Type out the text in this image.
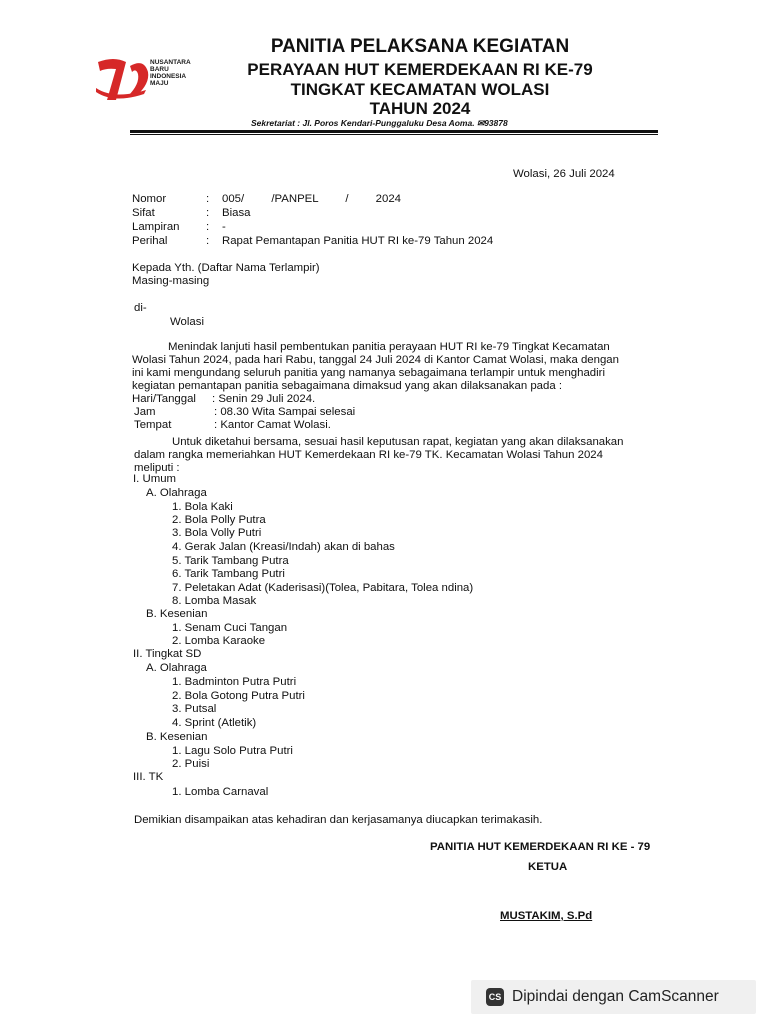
NUSANTARA
BARU
INDONESIA
MAJU
PANITIA PELAKSANA KEGIATAN
PERAYAAN HUT KEMERDEKAAN RI KE-79
TINGKAT KECAMATAN WOLASI
TAHUN 2024
Sekretariat : Jl. Poros Kendari-Punggaluku Desa Aoma. ✉93878
Wolasi, 26 Juli 2024
Nomor	: 005/ /PANPEL / 2024
Sifat	: Biasa
Lampiran : -
Perihal	: Rapat Pemantapan Panitia HUT RI ke-79 Tahun 2024
Kepada Yth. (Daftar Nama Terlampir)
Masing-masing
di-
Wolasi
Menindak lanjuti hasil pembentukan panitia perayaan HUT RI ke-79 Tingkat Kecamatan
Wolasi Tahun 2024, pada hari Rabu, tanggal 24 Juli 2024 di Kantor Camat Wolasi, maka dengan
ini kami mengundang seluruh panitia yang namanya sebagaimana terlampir untuk menghadiri
kegiatan pemantapan panitia sebagaimana dimaksud yang akan dilaksanakan pada :
Hari/Tanggal : Senin 29 Juli 2024.
Jam	: 08.30 Wita Sampai selesai
Tempat	: Kantor Camat Wolasi.
Untuk diketahui bersama, sesuai hasil keputusan rapat, kegiatan yang akan dilaksanakan
dalam rangka memeriahkan HUT Kemerdekaan RI ke-79 TK. Kecamatan Wolasi Tahun 2024
meliputi :
I. Umum
A. Olahraga
1. Bola Kaki
2. Bola Polly Putra
3. Bola Volly Putri
4. Gerak Jalan (Kreasi/Indah) akan di bahas
5. Tarik Tambang Putra
6. Tarik Tambang Putri
7. Peletakan Adat (Kaderisasi)(Tolea, Pabitara, Tolea ndina)
8. Lomba Masak
B. Kesenian
1. Senam Cuci Tangan
2. Lomba Karaoke
II. Tingkat SD
A. Olahraga
1. Badminton Putra Putri
2. Bola Gotong Putra Putri
3. Putsal
4. Sprint (Atletik)
B. Kesenian
1. Lagu Solo Putra Putri
2. Puisi
III. TK
1. Lomba Carnaval
Demikian disampaikan atas kehadiran dan kerjasamanya diucapkan terimakasih.
PANITIA HUT KEMERDEKAAN RI KE - 79
KETUA
MUSTAKIM, S.Pd
CS Dipindai dengan CamScanner
